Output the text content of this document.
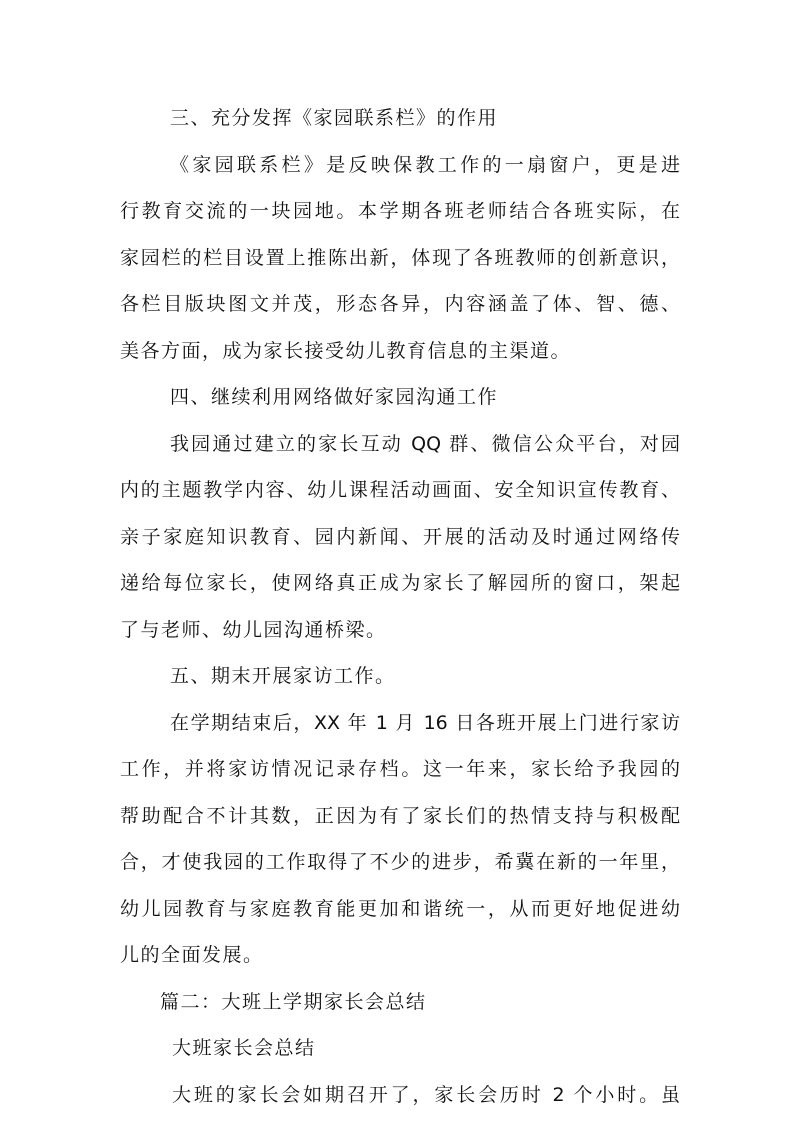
三、充分发挥《家园联系栏》的作用
《家园联系栏》是反映保教工作的一扇窗户，更是进
行教育交流的一块园地。本学期各班老师结合各班实际，在
家园栏的栏目设置上推陈出新，体现了各班教师的创新意识，
各栏目版块图文并茂，形态各异，内容涵盖了体、智、德、
美各方面，成为家长接受幼儿教育信息的主渠道。
四、继续利用网络做好家园沟通工作
我园通过建立的家长互动 QQ 群、微信公众平台，对园
内的主题教学内容、幼儿课程活动画面、安全知识宣传教育、
亲子家庭知识教育、园内新闻、开展的活动及时通过网络传
递给每位家长，使网络真正成为家长了解园所的窗口，架起
了与老师、幼儿园沟通桥梁。
五、期末开展家访工作。
在学期结束后，XX 年 1 月 16 日各班开展上门进行家访
工作，并将家访情况记录存档。这一年来，家长给予我园的
帮助配合不计其数，正因为有了家长们的热情支持与积极配
合，才使我园的工作取得了不少的进步，希冀在新的一年里，
幼儿园教育与家庭教育能更加和谐统一，从而更好地促进幼
儿的全面发展。
篇二：大班上学期家长会总结
大班家长会总结
大班的家长会如期召开了，家长会历时 2 个小时。虽
